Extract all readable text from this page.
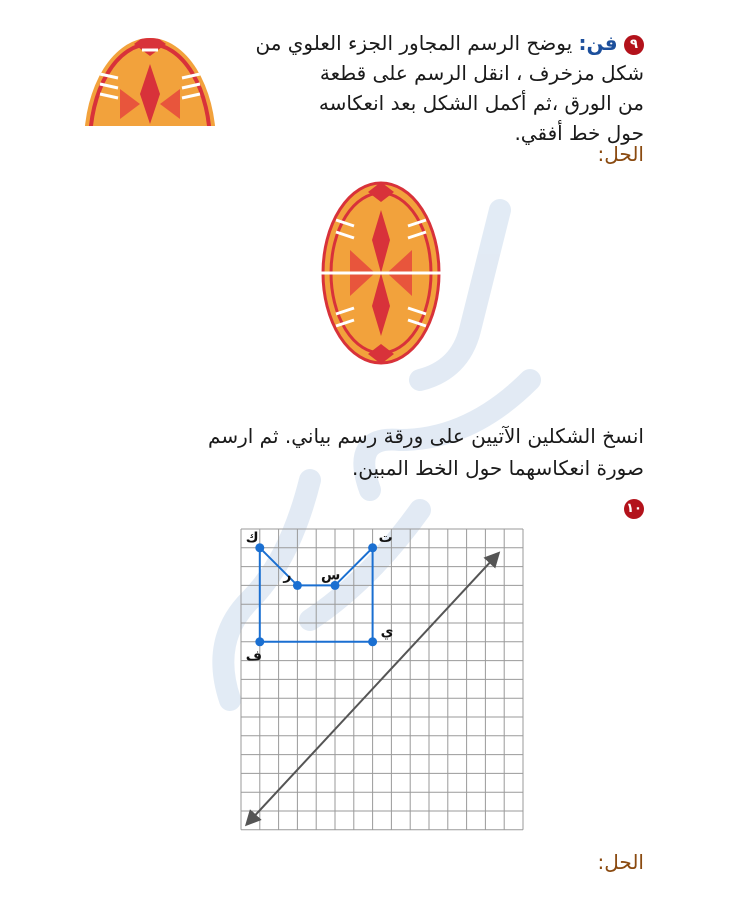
٩ فن: يوضح الرسم المجاور الجزء العلوي من
شكل مزخرف ، انقل الرسم على قطعة
من الورق ،ثم أكمل الشكل بعد انعكاسه
حول خط أفقي.
الحل:
انسخ الشكلين الآتيين على ورقة رسم بياني. ثم ارسم
صورة انعكاسهما حول الخط المبين.
١٠
ك	ت
ر س
ي
ف
الحل:
